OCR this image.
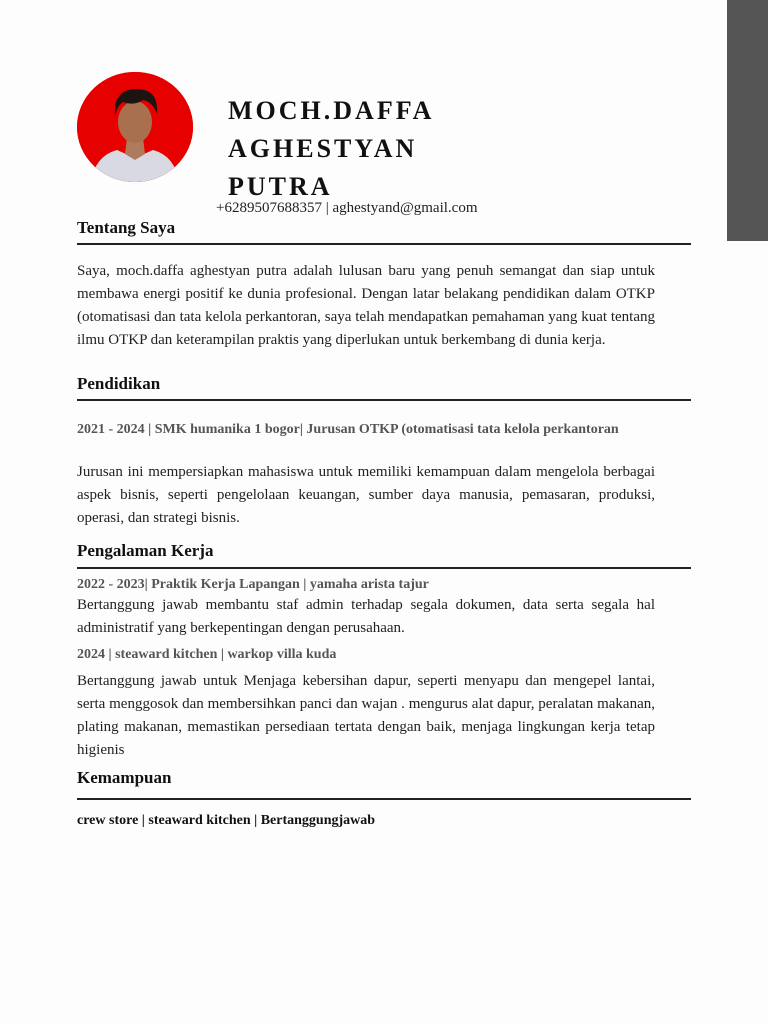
MOCH.DAFFA
AGHESTYAN
PUTRA
+6289507688357 | aghestyand@gmail.com
Tentang Saya

Saya, moch.daffa aghestyan putra adalah lulusan baru yang penuh semangat dan siap untuk membawa energi positif ke dunia profesional. Dengan latar belakang pendidikan dalam OTKP (otomatisasi dan tata kelola perkantoran, saya telah mendapatkan pemahaman yang kuat tentang ilmu OTKP dan keterampilan praktis yang diperlukan untuk berkembang di dunia kerja.

Pendidikan

2021 - 2024 | SMK humanika 1 bogor| Jurusan OTKP (otomatisasi tata kelola perkantoran

Jurusan ini mempersiapkan mahasiswa untuk memiliki kemampuan dalam mengelola berbagai aspek bisnis, seperti pengelolaan keuangan, sumber daya manusia, pemasaran, produksi, operasi, dan strategi bisnis.

Pengalaman Kerja

2022 - 2023| Praktik Kerja Lapangan | yamaha arista tajur

Bertanggung jawab membantu staf admin terhadap segala dokumen, data serta segala hal administratif yang berkepentingan dengan perusahaan.

2024 | steaward kitchen | warkop villa kuda

Bertanggung jawab untuk Menjaga kebersihan dapur, seperti menyapu dan mengepel lantai, serta menggosok dan membersihkan panci dan wajan . mengurus alat dapur, peralatan makanan, plating makanan, memastikan persediaan tertata dengan baik, menjaga lingkungan kerja tetap higienis

Kemampuan

crew store | steaward kitchen | Bertanggungjawab
